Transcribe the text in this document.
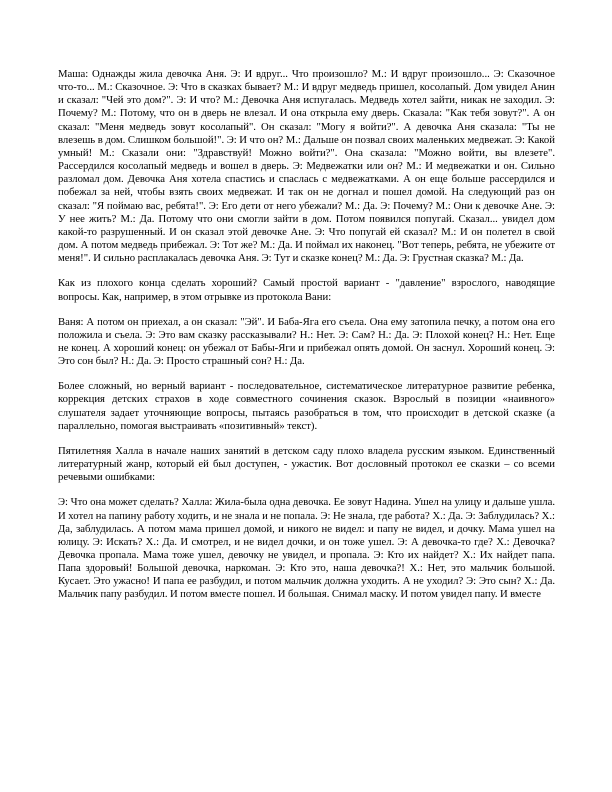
Маша: Однажды жила девочка Аня. Э: И вдруг... Что произошло? М.: И вдруг произошло... Э: Сказочное что-то... М.: Сказочное. Э: Что в сказках бывает? М.: И вдруг медведь пришел, косолапый. Дом увидел Анин и сказал: "Чей это дом?". Э: И что? М.: Девочка Аня испугалась. Медведь хотел зайти, никак не заходил. Э: Почему? М.: Потому, что он в дверь не влезал. И она открыла ему дверь. Сказала: "Как тебя зовут?". А он сказал: "Меня медведь зовут косолапый". Он сказал: "Могу я войти?". А девочка Аня сказала: "Ты не влезешь в дом. Слишком большой!". Э: И что он? М.: Дальше он позвал своих маленьких медвежат. Э: Какой умный! М.: Сказали они: "Здравствуй! Можно войти?". Она сказала: "Можно войти, вы влезете". Рассердился косолапый медведь и вошел в дверь. Э: Медвежатки или он? М.: И медвежатки и он. Сильно разломал дом. Девочка Аня хотела спастись и спаслась с медвежатками. А он еще больше рассердился и побежал за ней, чтобы взять своих медвежат. И так он не догнал и пошел домой. На следующий раз он сказал: "Я поймаю вас, ребята!". Э: Его дети от него убежали? М.: Да. Э: Почему? М.: Они к девочке Ане. Э: У нее жить? М.: Да. Потому что они смогли зайти в дом. Потом появился попугай. Сказал... увидел дом какой-то разрушенный. И он сказал этой девочке Ане. Э: Что попугай ей сказал? М.: И он полетел в свой дом. А потом медведь прибежал. Э: Тот же? М.: Да. И поймал их наконец. "Вот теперь, ребята, не убежите от меня!". И сильно расплакалась девочка Аня. Э: Тут и сказке конец? М.: Да. Э: Грустная сказка? М.: Да.

Как из плохого конца сделать хороший? Самый простой вариант - "давление" взрослого, наводящие вопросы. Как, например, в этом отрывке из протокола Вани:

Ваня: А потом он приехал, а он сказал: "Эй". И Баба-Яга его съела. Она ему затопила печку, а потом она его положила и съела. Э: Это вам сказку рассказывали? Н.: Нет. Э: Сам? Н.: Да. Э: Плохой конец? Н.: Нет. Еще не конец. А хороший конец: он убежал от Бабы-Яги и прибежал опять домой. Он заснул. Хороший конец. Э: Это сон был? Н.: Да. Э: Просто страшный сон? Н.: Да.

Более сложный, но верный вариант - последовательное, систематическое литературное развитие ребенка, коррекция детских страхов в ходе совместного сочинения сказок. Взрослый в позиции «наивного» слушателя задает уточняющие вопросы, пытаясь разобраться в том, что происходит в детской сказке (а параллельно, помогая выстраивать «позитивный» текст).

Пятилетняя Халла в начале наших занятий в детском саду плохо владела русским языком. Единственный литературный жанр, который ей был доступен, - ужастик. Вот дословный протокол ее сказки – со всеми речевыми ошибками:

Э: Что она может сделать? Халла: Жила-была одна девочка. Ее зовут Надина. Ушел на улицу и дальше ушла. И хотел на папину работу ходить, и не знала и не попала. Э: Не знала, где работа? Х.: Да. Э: Заблудилась? Х.: Да, заблудилась. А потом мама пришел домой, и никого не видел: и папу не видел, и дочку. Мама ушел на юлицу. Э: Искать? Х.: Да. И смотрел, и не видел дочки, и он тоже ушел. Э: А девочка-то где? Х.: Девочка? Девочка пропала. Мама тоже ушел, девочку не увидел, и пропала. Э: Кто их найдет? Х.: Их найдет папа. Папа здоровый! Большой девочка, наркоман. Э: Кто это, наша девочка?! Х.: Нет, это мальчик большой. Кусает. Это ужасно! И папа ее разбудил, и потом мальчик должна уходить. А не уходил? Э: Это сын? Х.: Да. Мальчик папу разбудил. И потом вместе пошел. И большая. Снимал маску. И потом увидел папу. И вместе
